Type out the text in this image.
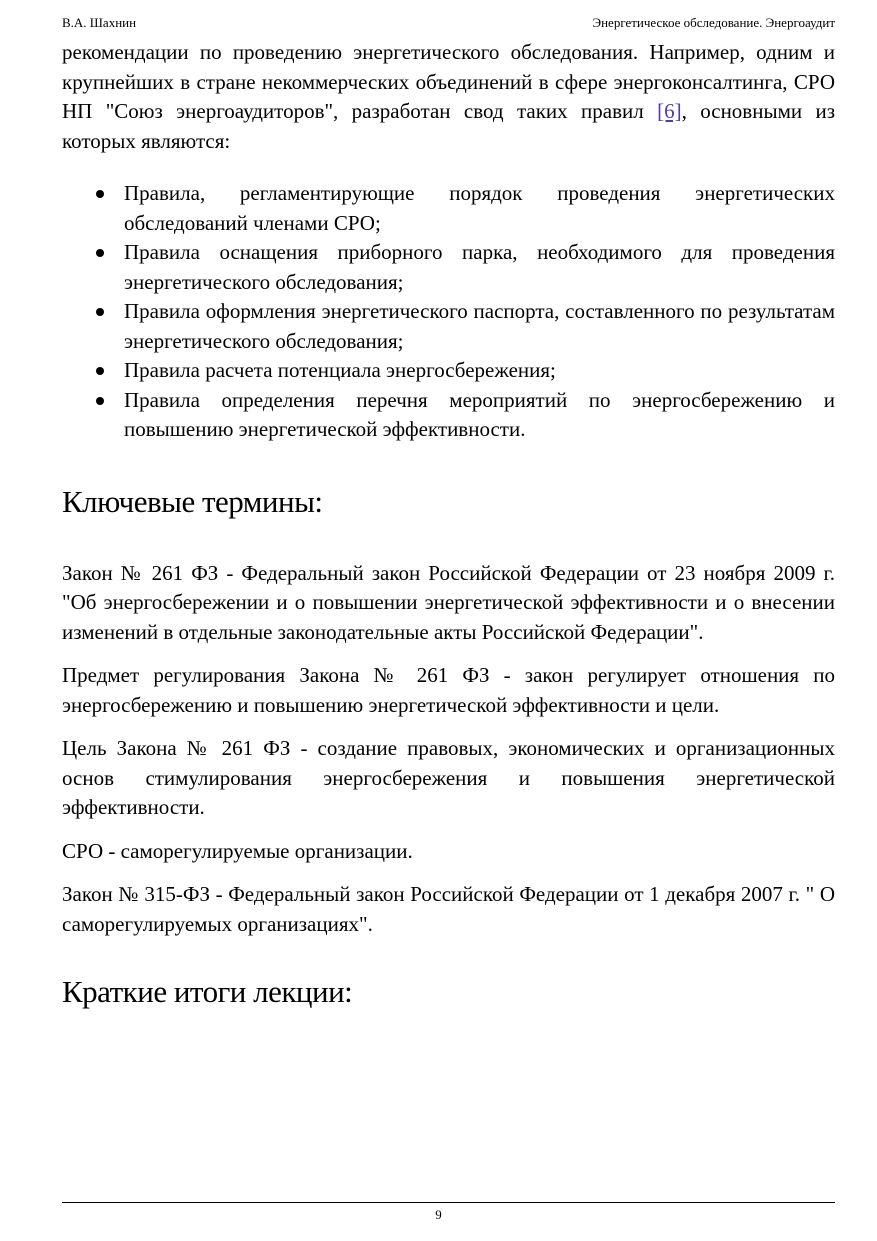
В.А. Шахнин	Энергетическое обследование. Энергоаудит

рекомендации по проведению энергетического обследования. Например, одним и крупнейших в стране некоммерческих объединений в сфере энергоконсалтинга, СРО НП "Союз энергоаудиторов", разработан свод таких правил [6], основными из которых являются:

Правила, регламентирующие порядок проведения энергетических обследований членами СРО;
Правила оснащения приборного парка, необходимого для проведения энергетического обследования;
Правила оформления энергетического паспорта, составленного по результатам энергетического обследования;
Правила расчета потенциала энергосбережения;
Правила определения перечня мероприятий по энергосбережению и повышению энергетической эффективности.
Ключевые термины:

Закон № 261 ФЗ - Федеральный закон Российской Федерации от 23 ноября 2009 г. "Об энергосбережении и о повышении энергетической эффективности и о внесении изменений в отдельные законодательные акты Российской Федерации".

Предмет регулирования Закона № 261 ФЗ - закон регулирует отношения по энергосбережению и повышению энергетической эффективности и цели.

Цель Закона № 261 ФЗ - создание правовых, экономических и организационных основ стимулирования энергосбережения и повышения энергетической эффективности.

СРО - саморегулируемые организации.

Закон № 315-ФЗ - Федеральный закон Российской Федерации от 1 декабря 2007 г. " О саморегулируемых организациях".

Краткие итоги лекции:
9
